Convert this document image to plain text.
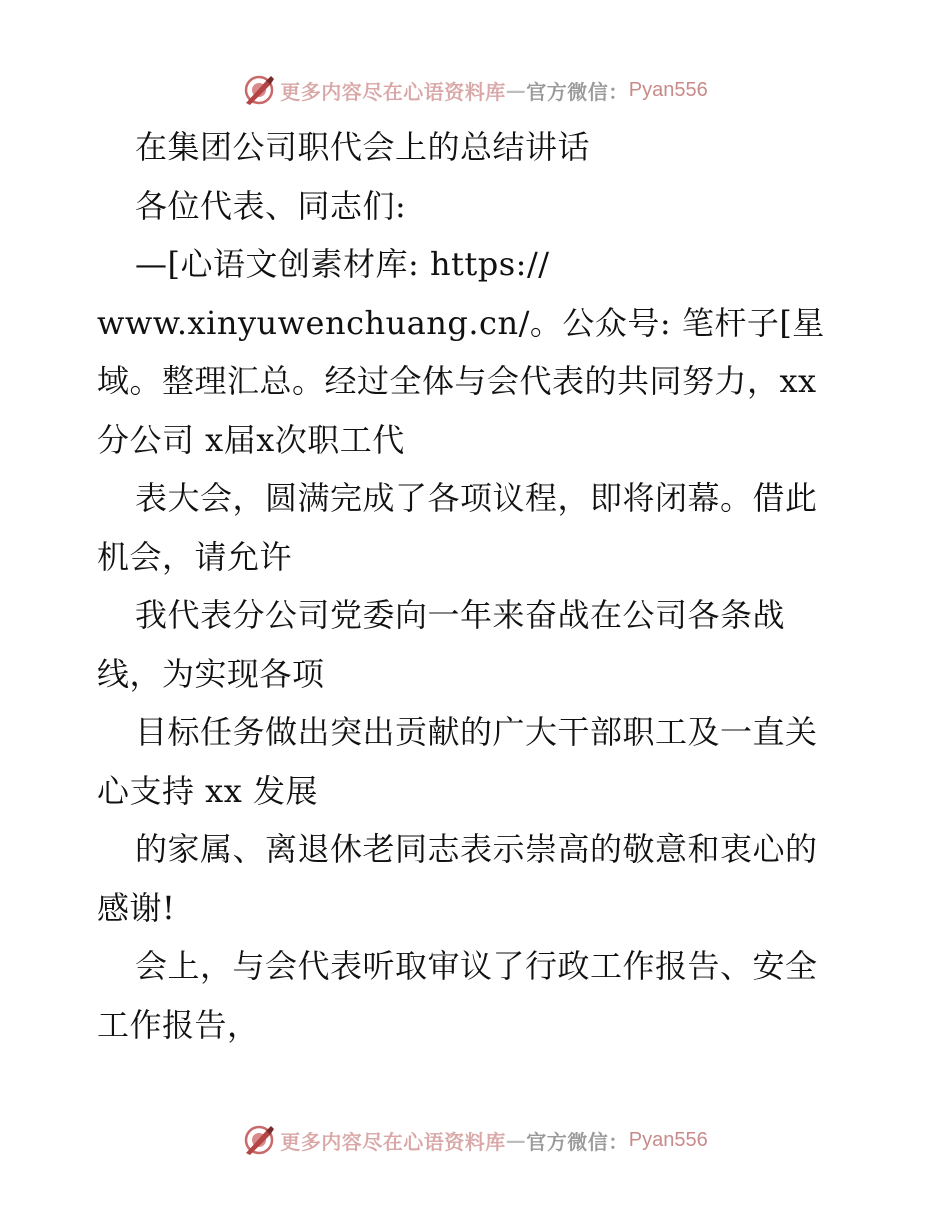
更多内容尽在心语资料库 — 官方微信 ： Pyan556
在集团公司职代会上的总结讲话
各位代表、同志们:
—[心语文创素材库: https://
www.xinyuwenchuang.cn/。公众号: 笔杆子[星
域。整理汇总。经过全体与会代表的共同努力，xx
分公司 x届x次职工代
表大会，圆满完成了各项议程，即将闭幕。借此
机会，请允许
我代表分公司党委向一年来奋战在公司各条战
线，为实现各项
目标任务做出突出贡献的广大干部职工及一直关
心支持 xx 发展
的家属、离退休老同志表示崇高的敬意和衷心的
感谢!
会上，与会代表听取审议了行政工作报告、安全
工作报告，
更多内容尽在心语资料库 — 官方微信 ： Pyan556
